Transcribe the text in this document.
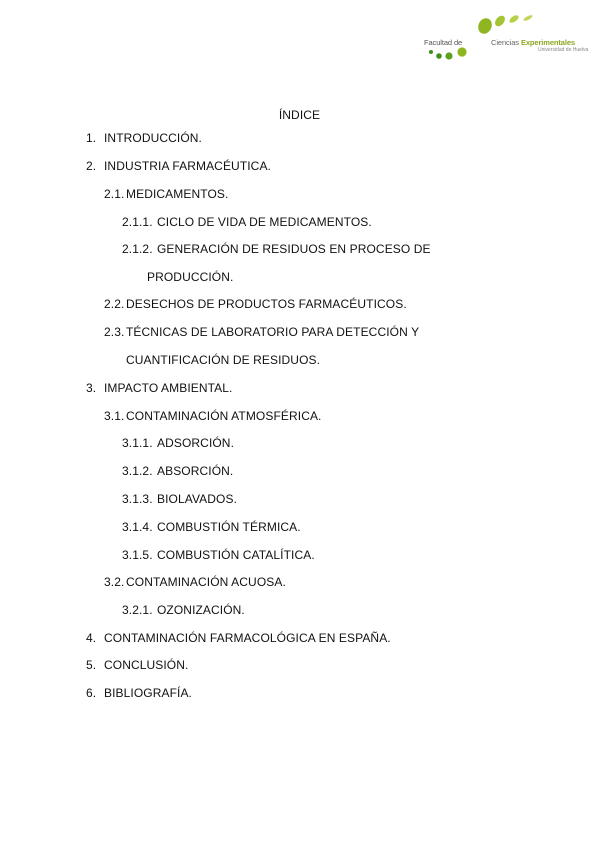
Facultad de	Ciencias Experimentales
Universidad de Huelva
ÍNDICE
1. INTRODUCCIÓN.
2. INDUSTRIA FARMACÉUTICA.
2.1. MEDICAMENTOS.
2.1.1. CICLO DE VIDA DE MEDICAMENTOS.
2.1.2. GENERACIÓN DE RESIDUOS EN PROCESO DE
PRODUCCIÓN.
2.2. DESECHOS DE PRODUCTOS FARMACÉUTICOS.
2.3. TÉCNICAS DE LABORATORIO PARA DETECCIÓN Y
CUANTIFICACIÓN DE RESIDUOS.
3. IMPACTO AMBIENTAL.
3.1. CONTAMINACIÓN ATMOSFÉRICA.
3.1.1. ADSORCIÓN.
3.1.2. ABSORCIÓN.
3.1.3. BIOLAVADOS.
3.1.4. COMBUSTIÓN TÉRMICA.
3.1.5. COMBUSTIÓN CATALÍTICA.
3.2. CONTAMINACIÓN ACUOSA.
3.2.1. OZONIZACIÓN.
4. CONTAMINACIÓN FARMACOLÓGICA EN ESPAÑA.
5. CONCLUSIÓN.
6. BIBLIOGRAFÍA.
